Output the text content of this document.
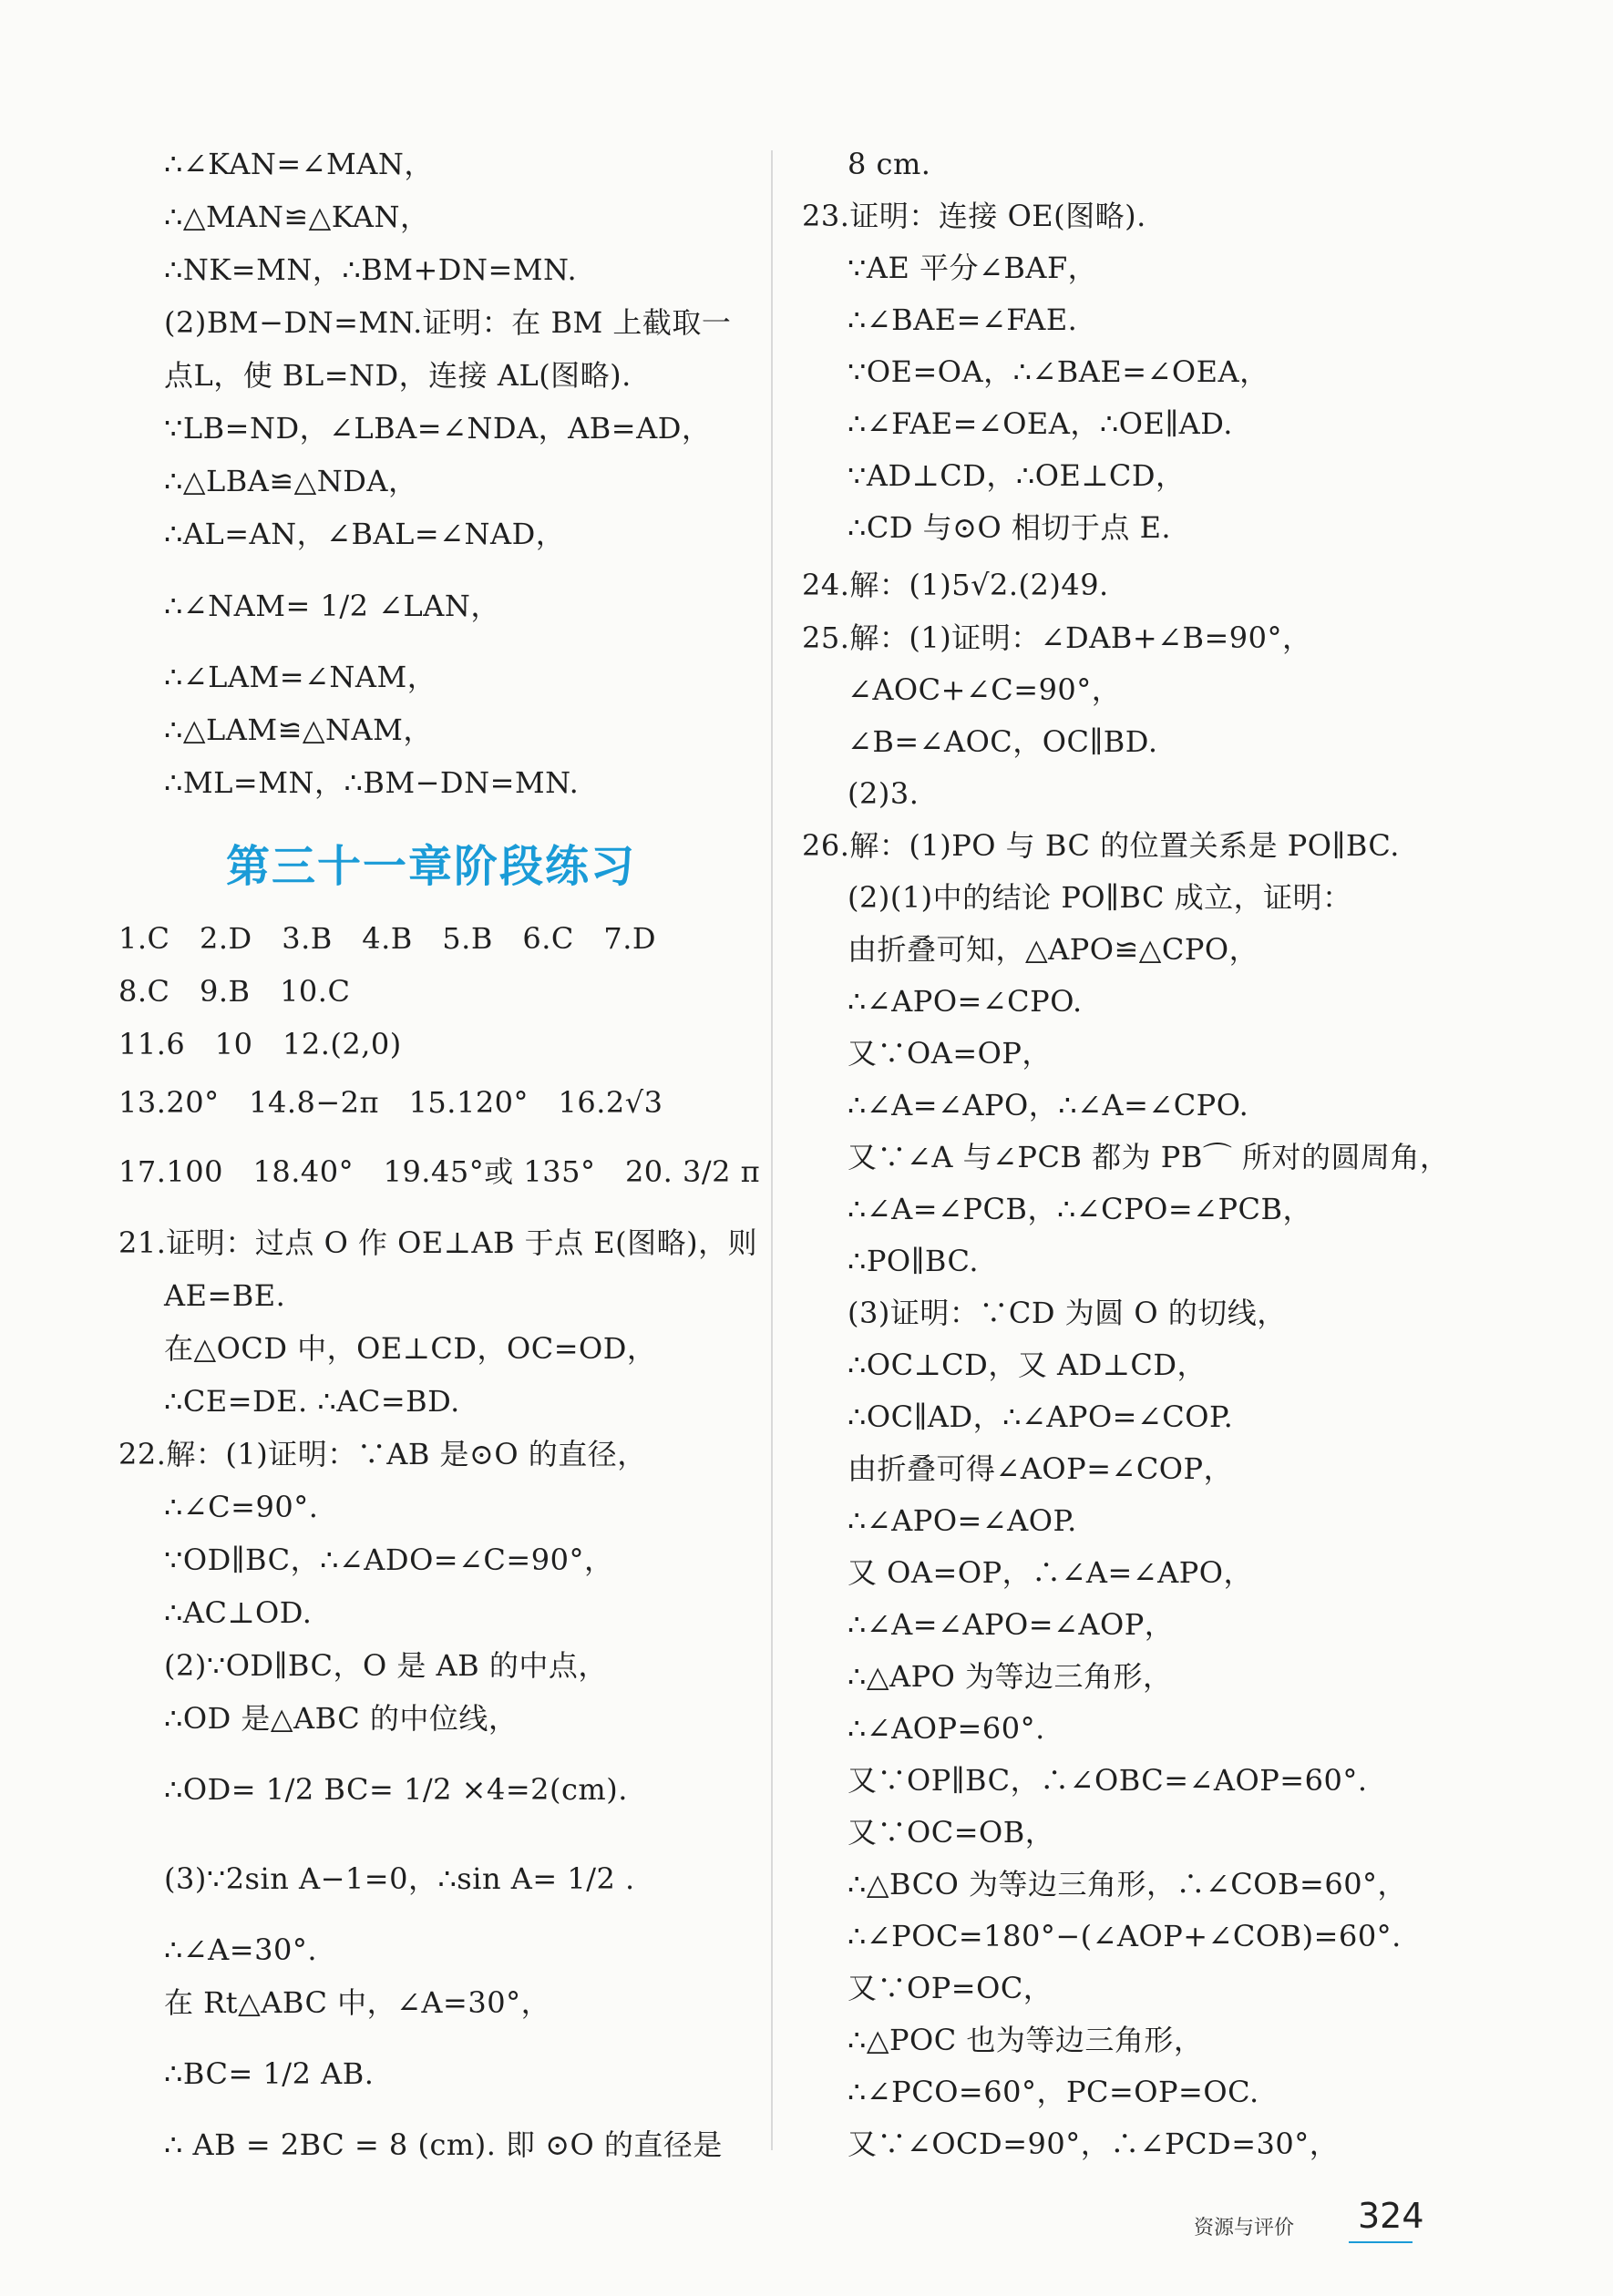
∴∠KAN=∠MAN，
∴△MAN≌△KAN，
∴NK=MN，∴BM+DN=MN.
(2)BM−DN=MN.证明：在 BM 上截取一
点L，使 BL=ND，连接 AL(图略).
∵LB=ND，∠LBA=∠NDA，AB=AD，
∴△LBA≌△NDA，
∴AL=AN，∠BAL=∠NAD，
∴∠NAM= 1/2 ∠LAN，
∴∠LAM=∠NAM，
∴△LAM≌△NAM，
∴ML=MN，∴BM−DN=MN.
第三十一章阶段练习
1.C　2.D　3.B　4.B　5.B　6.C　7.D
8.C　9.B　10.C
11.6　10　12.(2,0)
13.20°　14.8−2π　15.120°　16.2√3
17.100　18.40°　19.45°或 135°　20. 3/2 π
21.证明：过点 O 作 OE⊥AB 于点 E(图略)，则
AE=BE.
在△OCD 中，OE⊥CD，OC=OD，
∴CE=DE. ∴AC=BD.
22.解：(1)证明：∵AB 是⊙O 的直径，
∴∠C=90°.
∵OD∥BC，∴∠ADO=∠C=90°，
∴AC⊥OD.
(2)∵OD∥BC，O 是 AB 的中点，
∴OD 是△ABC 的中位线，
∴OD= 1/2 BC= 1/2 ×4=2(cm).
(3)∵2sin A−1=0，∴sin A= 1/2 .
∴∠A=30°.
在 Rt△ABC 中，∠A=30°，
∴BC= 1/2 AB.
∴ AB = 2BC = 8 (cm). 即 ⊙O 的直径是
8 cm.
23.证明：连接 OE(图略).
∵AE 平分∠BAF，
∴∠BAE=∠FAE.
∵OE=OA，∴∠BAE=∠OEA，
∴∠FAE=∠OEA，∴OE∥AD.
∵AD⊥CD，∴OE⊥CD，
∴CD 与⊙O 相切于点 E.
24.解：(1)5√2.(2)49.
25.解：(1)证明：∠DAB+∠B=90°，
∠AOC+∠C=90°，
∠B=∠AOC，OC∥BD.
(2)3.
26.解：(1)PO 与 BC 的位置关系是 PO∥BC.
(2)(1)中的结论 PO∥BC 成立，证明：
由折叠可知，△APO≌△CPO，
∴∠APO=∠CPO.
又∵OA=OP，
∴∠A=∠APO，∴∠A=∠CPO.
又∵∠A 与∠PCB 都为 PB⌒ 所对的圆周角，
∴∠A=∠PCB，∴∠CPO=∠PCB，
∴PO∥BC.
(3)证明：∵CD 为圆 O 的切线，
∴OC⊥CD，又 AD⊥CD，
∴OC∥AD，∴∠APO=∠COP.
由折叠可得∠AOP=∠COP，
∴∠APO=∠AOP.
又 OA=OP，∴∠A=∠APO，
∴∠A=∠APO=∠AOP，
∴△APO 为等边三角形，
∴∠AOP=60°.
又∵OP∥BC，∴∠OBC=∠AOP=60°.
又∵OC=OB，
∴△BCO 为等边三角形，∴∠COB=60°，
∴∠POC=180°−(∠AOP+∠COB)=60°.
又∵OP=OC，
∴△POC 也为等边三角形，
∴∠PCO=60°，PC=OP=OC.
又∵∠OCD=90°，∴∠PCD=30°，
资源与评价 324
